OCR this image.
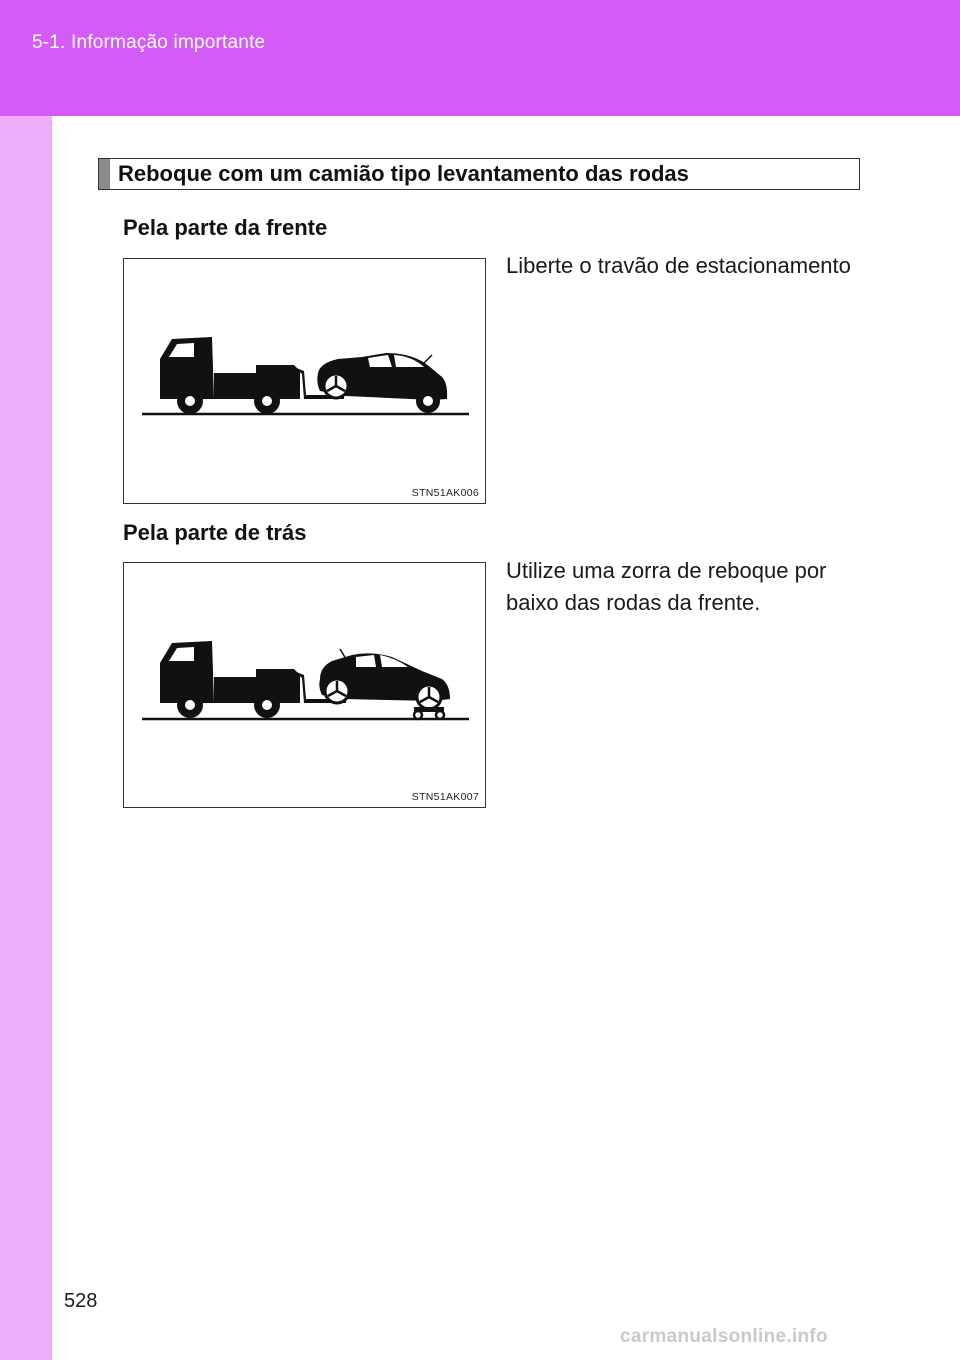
5-1. Informação importante
Reboque com um camião tipo levantamento das rodas
Pela parte da frente
STN51AK006
Liberte o travão de estacionamento
Pela parte de trás
STN51AK007
Utilize uma zorra de reboque por baixo das rodas da frente.
528
carmanualsonline.info
